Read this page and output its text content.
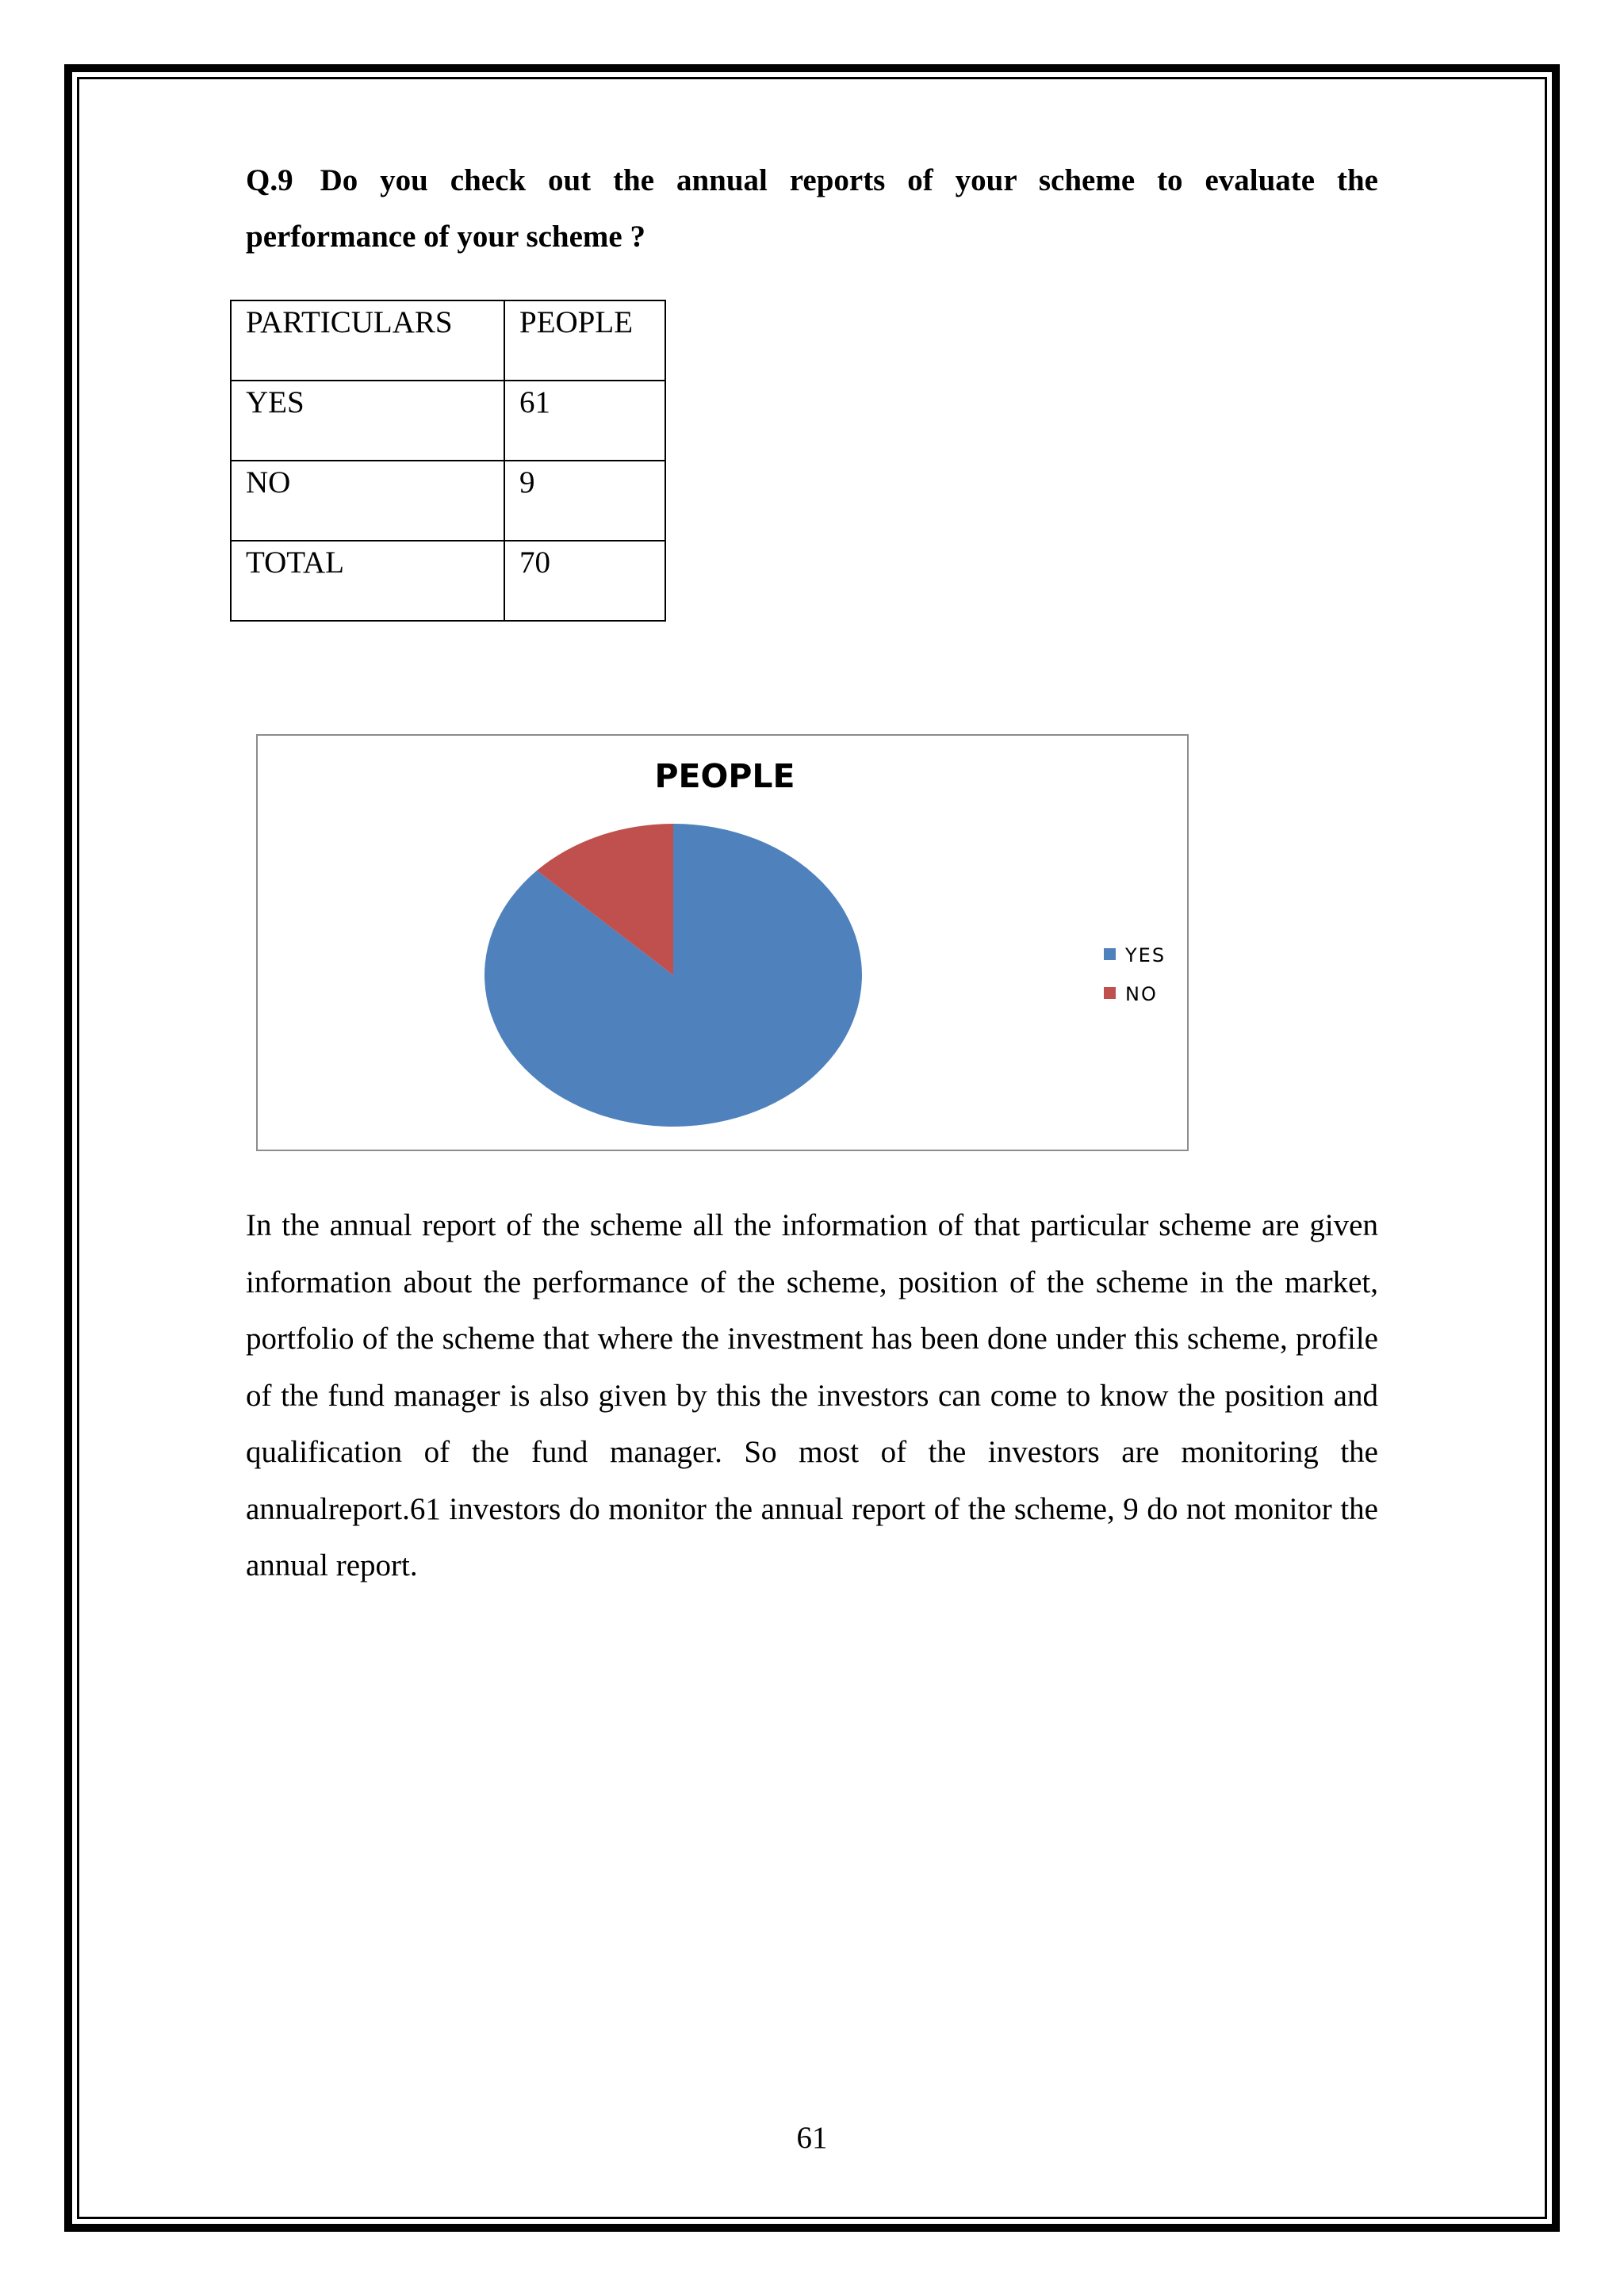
Q.9 Do you check out the annual reports of your scheme to evaluate the performance of your scheme ?
PARTICULARS	PEOPLE
YES	61
NO	9
TOTAL	70
PEOPLE
YES
NO
In the annual report of the scheme all the information of that particular scheme are given information about the performance of the scheme, position of the scheme in the market, portfolio of the scheme that where the investment has been done under this scheme, profile of the fund manager is also given by this the investors can come to know the position and qualification of the fund manager. So most of the investors are monitoring the annualreport.61 investors do monitor the annual report of the scheme, 9 do not monitor the annual report.
61
